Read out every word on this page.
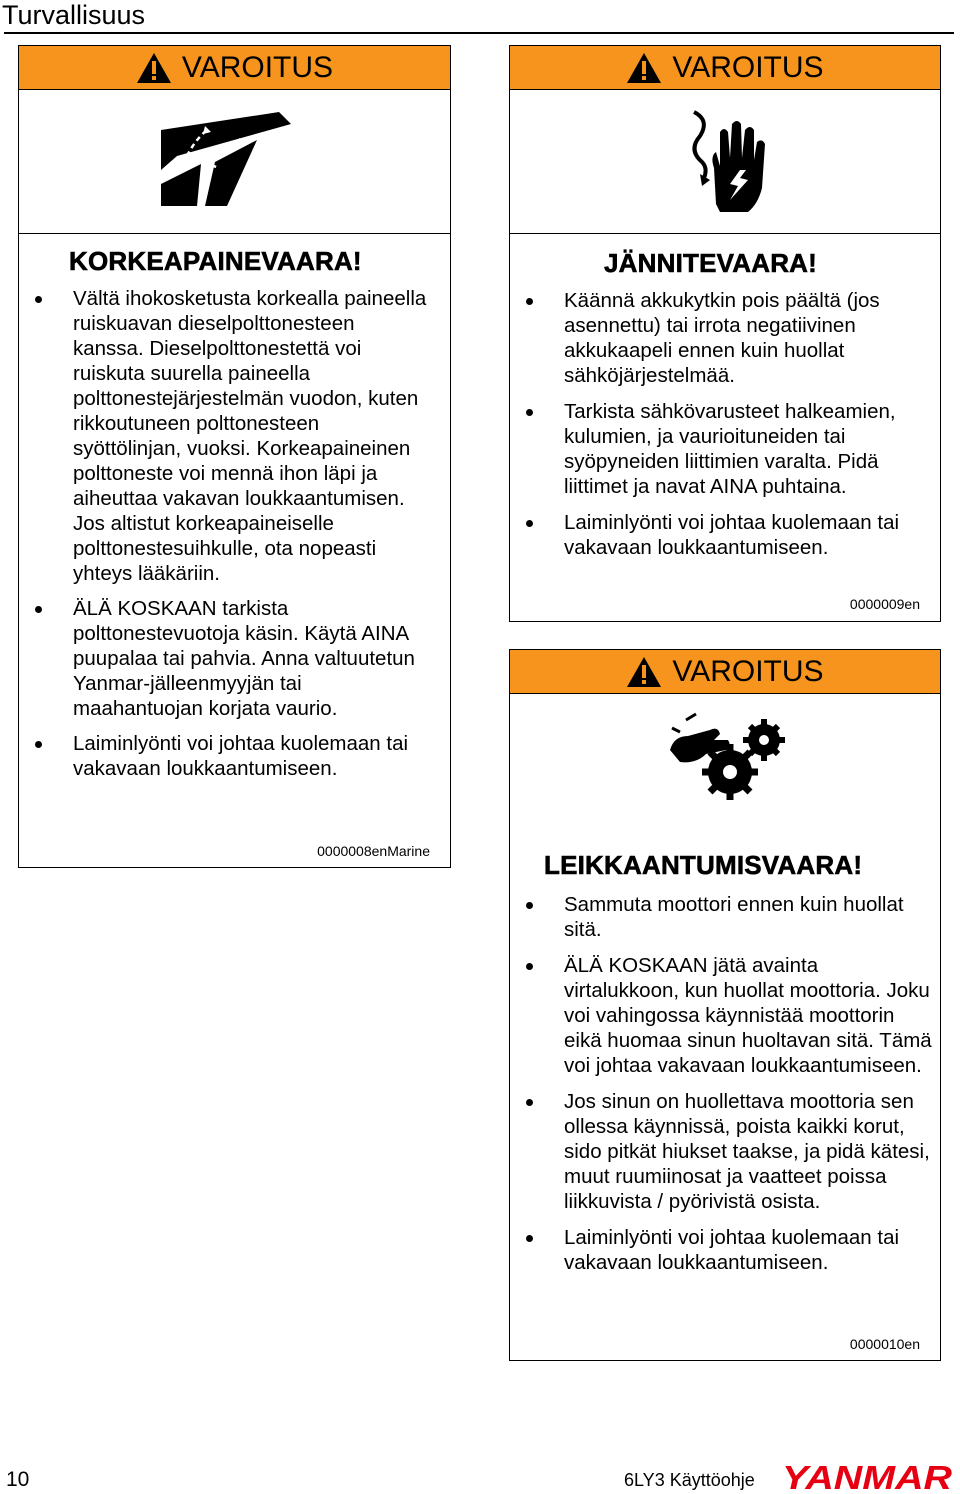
Turvallisuus
VAROITUS
KORKEAPAINEVAARA!
Vältä ihokosketusta korkealla paineella ruiskuavan dieselpolttonesteen kanssa. Dieselpolttonestettä voi ruiskuta suurella paineella polttonestejärjestelmän vuodon, kuten rikkoutuneen polttonesteen syöttölinjan, vuoksi. Korkeapaineinen polttoneste voi mennä ihon läpi ja aiheuttaa vakavan loukkaantumisen. Jos altistut korkeapaineiselle polttonestesuihkulle, ota nopeasti yhteys lääkäriin.
ÄLÄ KOSKAAN tarkista polttonestevuotoja käsin. Käytä AINA puupalaa tai pahvia. Anna valtuutetun Yanmar-jälleenmyyjän tai maahantuojan korjata vaurio.
Laiminlyönti voi johtaa kuolemaan tai vakavaan loukkaantumiseen.
0000008enMarine
VAROITUS
JÄNNITEVAARA!
Käännä akkukytkin pois päältä (jos asennettu) tai irrota negatiivinen akkukaapeli ennen kuin huollat sähköjärjestelmää.
Tarkista sähkövarusteet halkeamien, kulumien, ja vaurioituneiden tai syöpyneiden liittimien varalta. Pidä liittimet ja navat AINA puhtaina.
Laiminlyönti voi johtaa kuolemaan tai vakavaan loukkaantumiseen.
0000009en
VAROITUS
LEIKKAANTUMISVAARA!
Sammuta moottori ennen kuin huollat sitä.
ÄLÄ KOSKAAN jätä avainta virtalukkoon, kun huollat moottoria. Joku voi vahingossa käynnistää moottorin eikä huomaa sinun huoltavan sitä. Tämä voi johtaa vakavaan loukkaantumiseen.
Jos sinun on huollettava moottoria sen ollessa käynnissä, poista kaikki korut, sido pitkät hiukset taakse, ja pidä kätesi, muut ruumiinosat ja vaatteet poissa liikkuvista / pyörivistä osista.
Laiminlyönti voi johtaa kuolemaan tai vakavaan loukkaantumiseen.
0000010en
10	6LY3 Käyttöohje YANMAR
